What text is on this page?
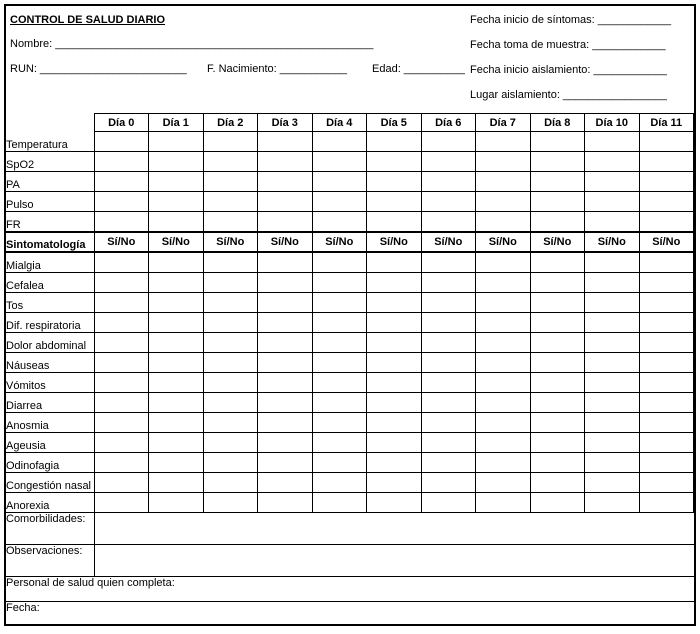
CONTROL DE SALUD DIARIO
Nombre: ____________________________________________________
RUN: ________________________ F. Nacimiento: ___________ Edad: __________
Fecha inicio de síntomas: ____________
Fecha toma de muestra: ____________
Fecha inicio aislamiento: ____________
Lugar aislamiento: _________________
	Día 0	Día 1	Día 2	Día 3	Día 4	Día 5	Día 6	Día 7	Día 8	Día 10	Día 11
Temperatura											
SpO2											
PA											
Pulso											
FR											
Sintomatología	Sí/No	Sí/No	Sí/No	Sí/No	Sí/No	Sí/No	Sí/No	Sí/No	Sí/No	Sí/No	Sí/No
Mialgia											
Cefalea											
Tos											
Dif. respiratoria											
Dolor abdominal											
Náuseas											
Vómitos											
Diarrea											
Anosmia											
Ageusia											
Odinofagia											
Congestión nasal											
Anorexia											
Comorbilidades:											
Observaciones:											
Personal de salud quien completa:											
Fecha:											
